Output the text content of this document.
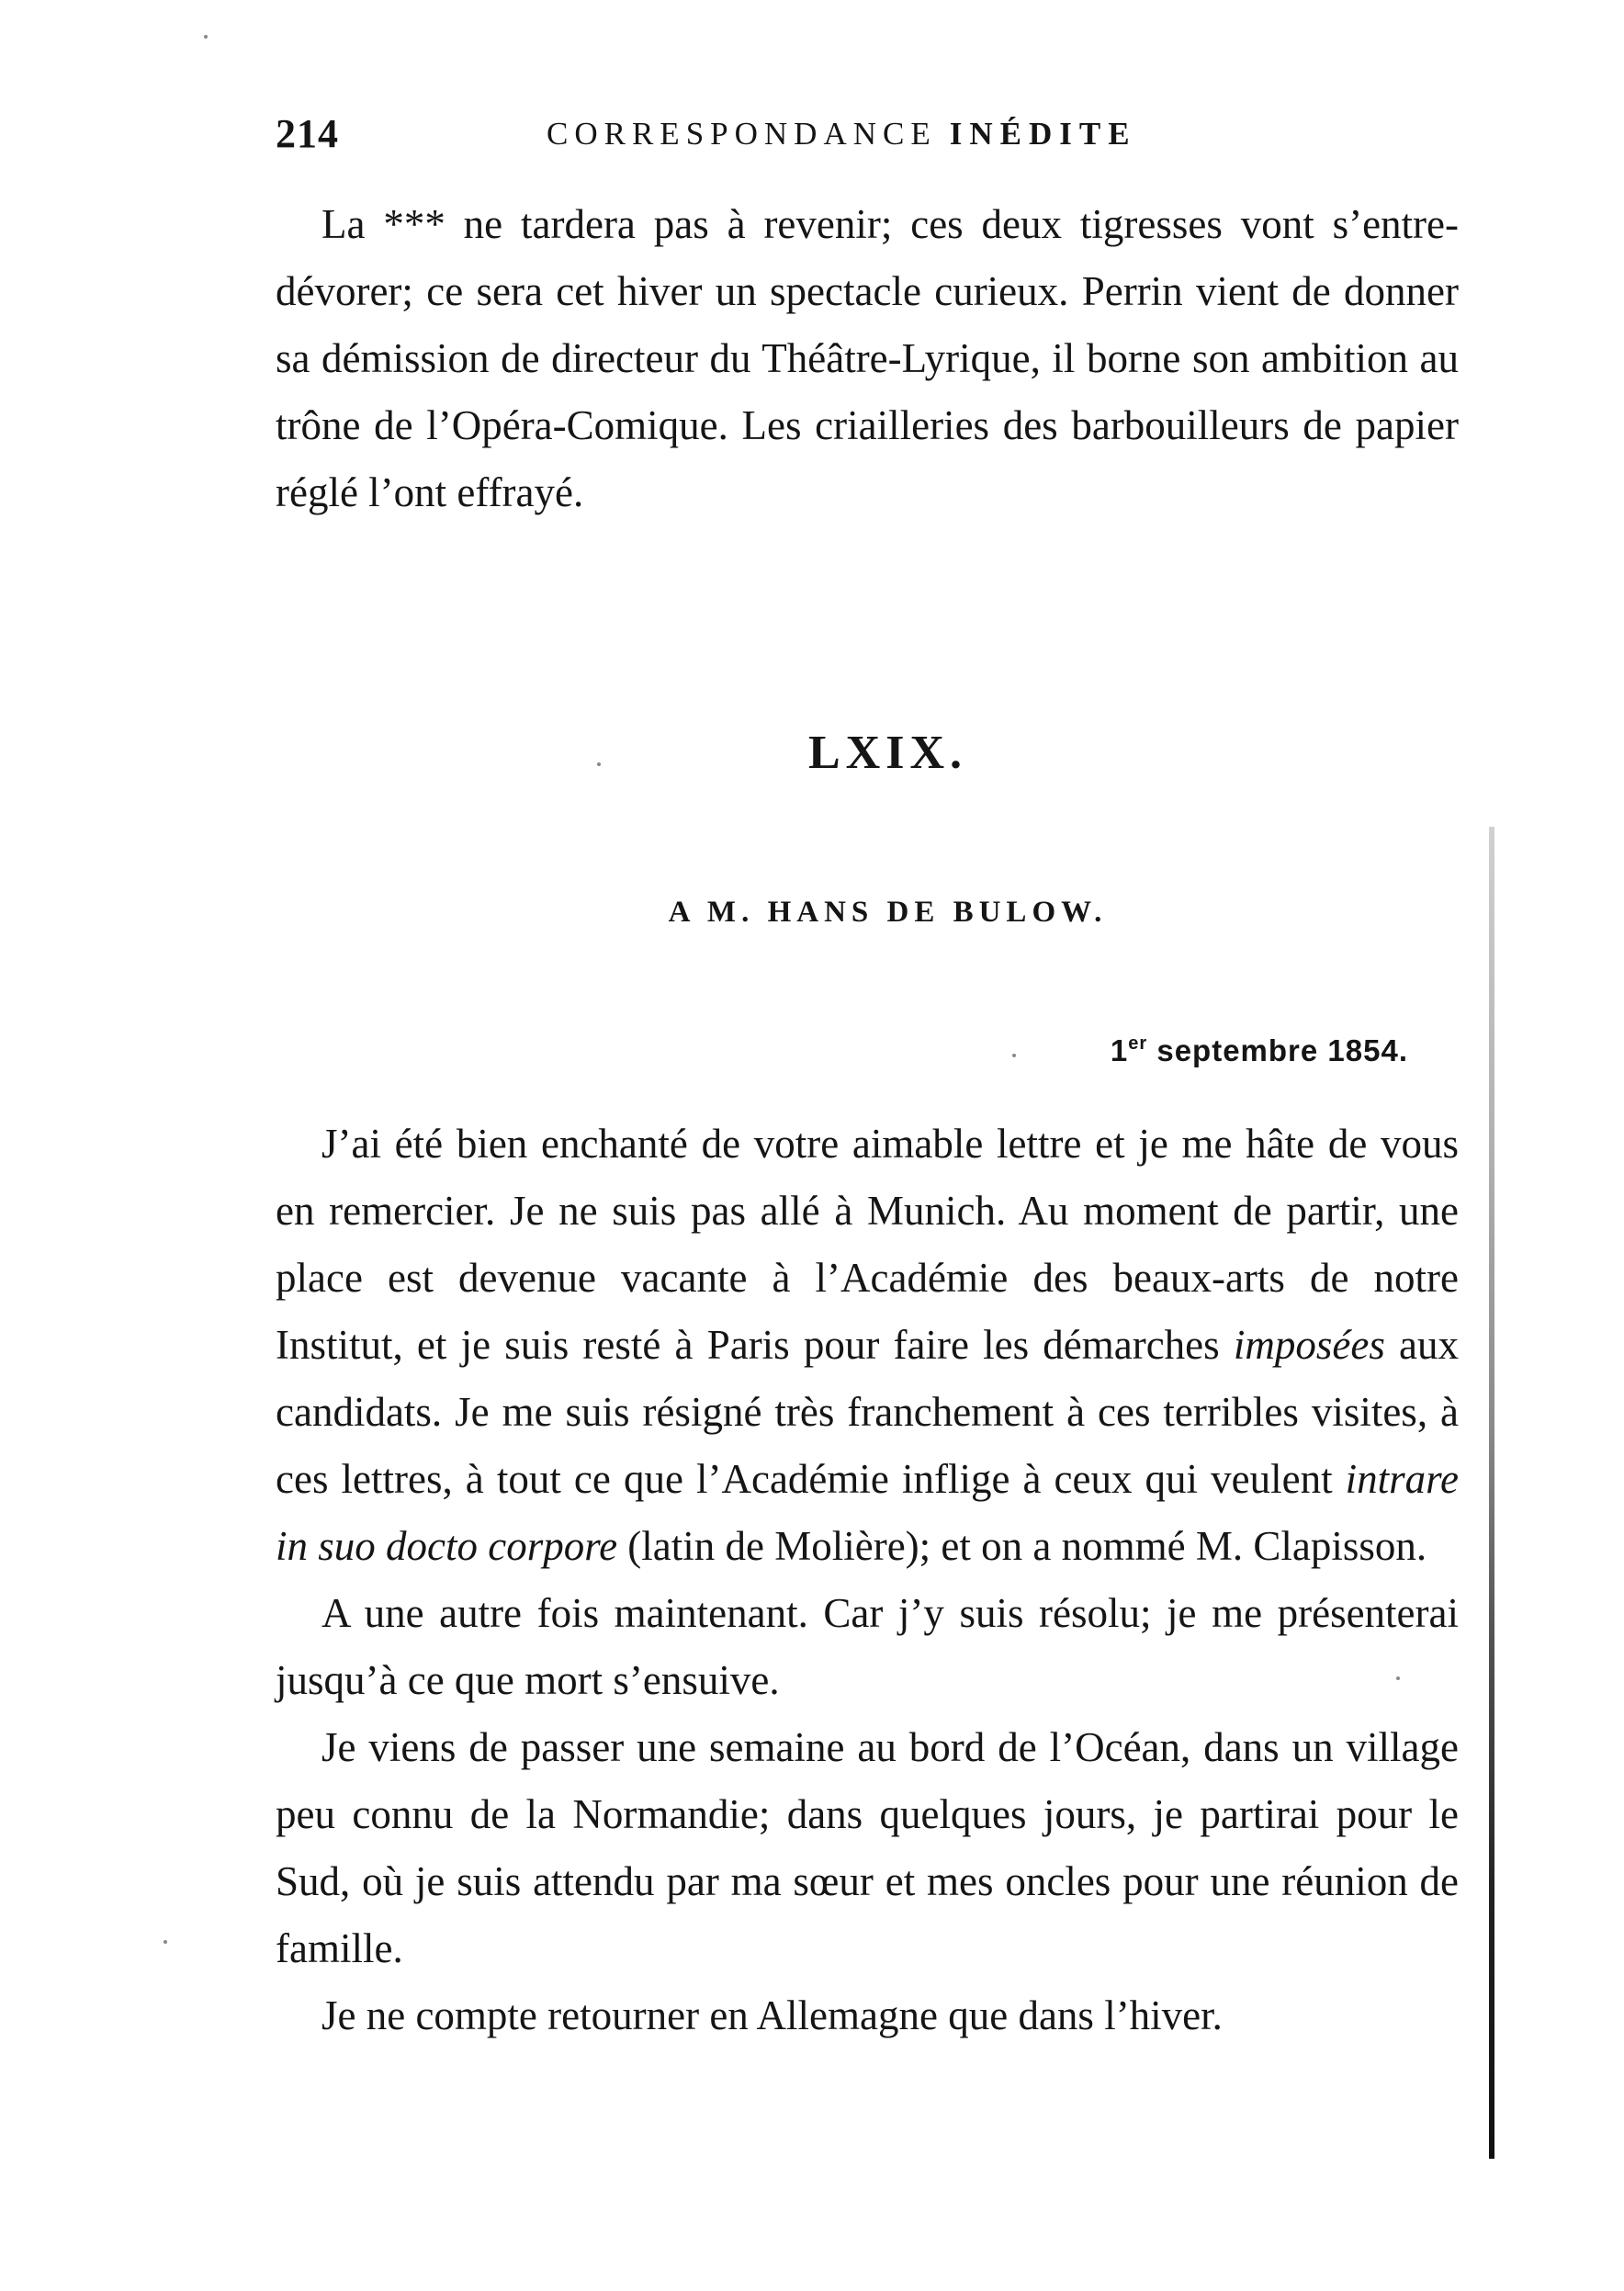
214	CORRESPONDANCE INÉDITE

La *** ne tardera pas à revenir; ces deux tigresses vont s’entre-dévorer; ce sera cet hiver un spectacle curieux. Perrin vient de donner sa démission de directeur du Théâtre-Lyrique, il borne son ambition au trône de l’Opéra-Comique. Les criailleries des barbouilleurs de papier réglé l’ont effrayé.

LXIX.
A M. HANS DE BULOW.
1er septembre 1854.

J’ai été bien enchanté de votre aimable lettre et je me hâte de vous en remercier. Je ne suis pas allé à Munich. Au moment de partir, une place est devenue vacante à l’Académie des beaux-arts de notre Institut, et je suis resté à Paris pour faire les démarches imposées aux candidats. Je me suis résigné très franchement à ces terribles visites, à ces lettres, à tout ce que l’Académie inflige à ceux qui veulent intrare in suo docto corpore (latin de Molière); et on a nommé M. Clapisson.

A une autre fois maintenant. Car j’y suis résolu; je me présenterai jusqu’à ce que mort s’ensuive.

Je viens de passer une semaine au bord de l’Océan, dans un village peu connu de la Normandie; dans quelques jours, je partirai pour le Sud, où je suis attendu par ma sœur et mes oncles pour une réunion de famille.

Je ne compte retourner en Allemagne que dans l’hiver.
